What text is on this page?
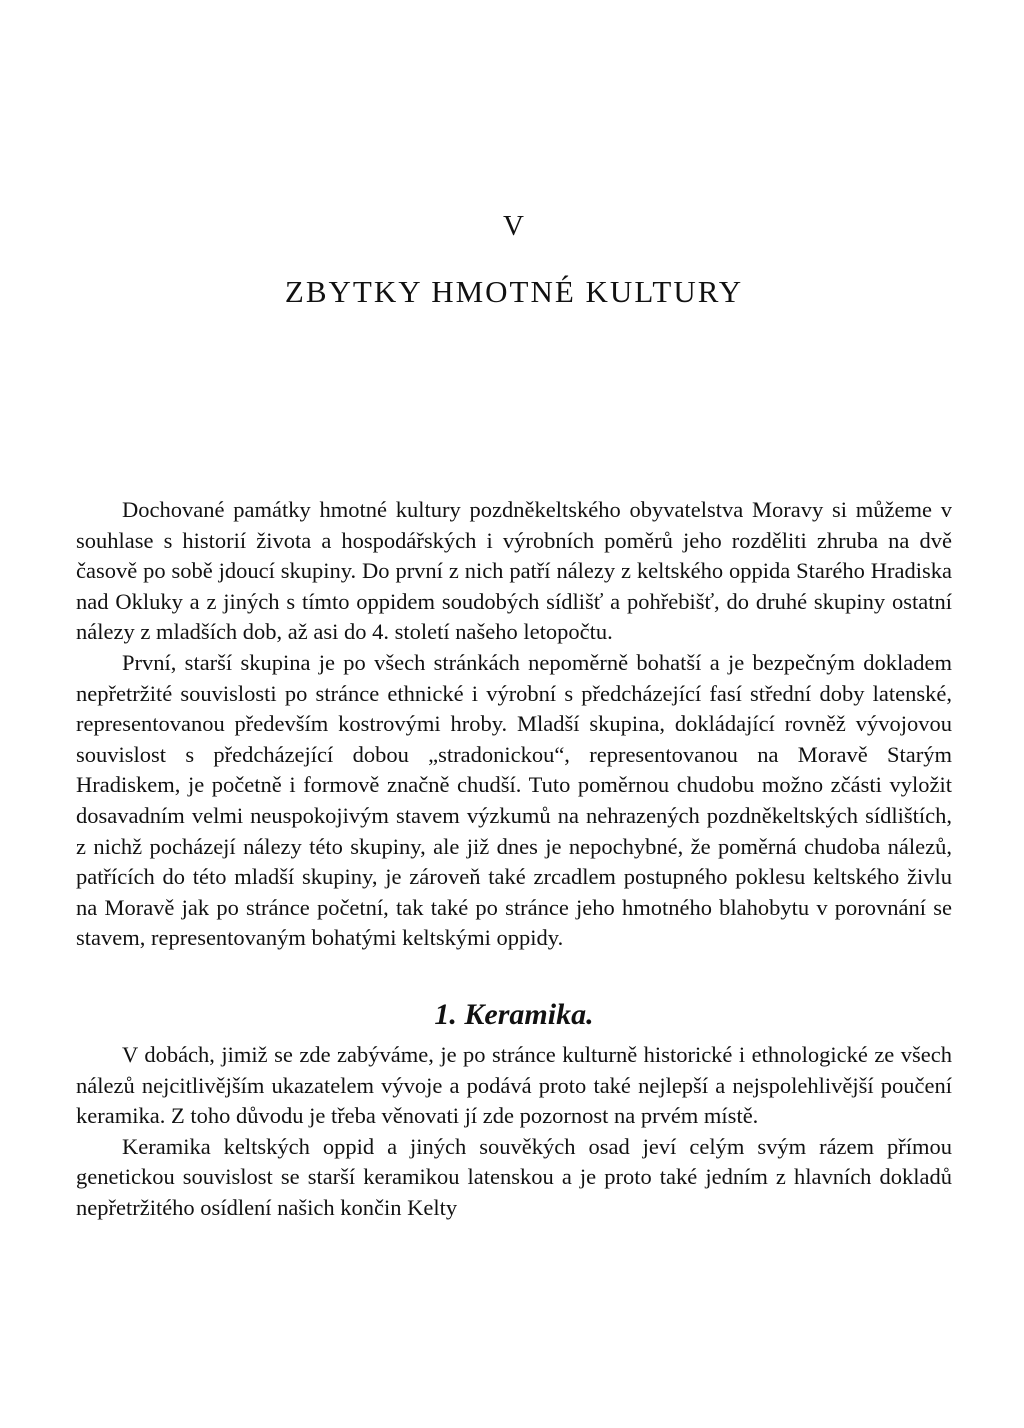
V
ZBYTKY HMOTNÉ KULTURY

Dochované památky hmotné kultury pozdněkeltského obyvatelstva Moravy si můžeme v souhlase s historií života a hospodářských i výrobních poměrů jeho rozděliti zhruba na dvě časově po sobě jdoucí skupiny. Do první z nich patří nálezy z keltského oppida Starého Hradiska nad Okluky a z jiných s tímto oppidem soudobých sídlišť a pohřebišť, do druhé skupiny ostatní nálezy z mladších dob, až asi do 4. století našeho letopočtu.

První, starší skupina je po všech stránkách nepoměrně bohatší a je bezpečným dokladem nepřetržité souvislosti po stránce ethnické i výrobní s předcházející fasí střední doby latenské, representovanou především kostrovými hroby. Mladší skupina, dokládající rovněž vývojovou souvislost s předcházející dobou „stradonickou“, representovanou na Moravě Starým Hradiskem, je početně i formově značně chudší. Tuto poměrnou chudobu možno zčásti vyložit dosavadním velmi neuspokojivým stavem výzkumů na nehrazených pozdněkeltských sídlištích, z nichž pocházejí nálezy této skupiny, ale již dnes je nepochybné, že poměrná chudoba nálezů, patřících do této mladší skupiny, je zároveň také zrcadlem postupného poklesu keltského živlu na Moravě jak po stránce početní, tak také po stránce jeho hmotného blahobytu v porovnání se stavem, representovaným bohatými keltskými oppidy.

1. Keramika.

V dobách, jimiž se zde zabýváme, je po stránce kulturně historické i ethnologické ze všech nálezů nejcitlivějším ukazatelem vývoje a podává proto také nejlepší a nejspolehlivější poučení keramika. Z toho důvodu je třeba věnovati jí zde pozornost na prvém místě.

Keramika keltských oppid a jiných souvěkých osad jeví celým svým rázem přímou genetickou souvislost se starší keramikou latenskou a je proto také jedním z hlavních dokladů nepřetržitého osídlení našich končin Kelty
